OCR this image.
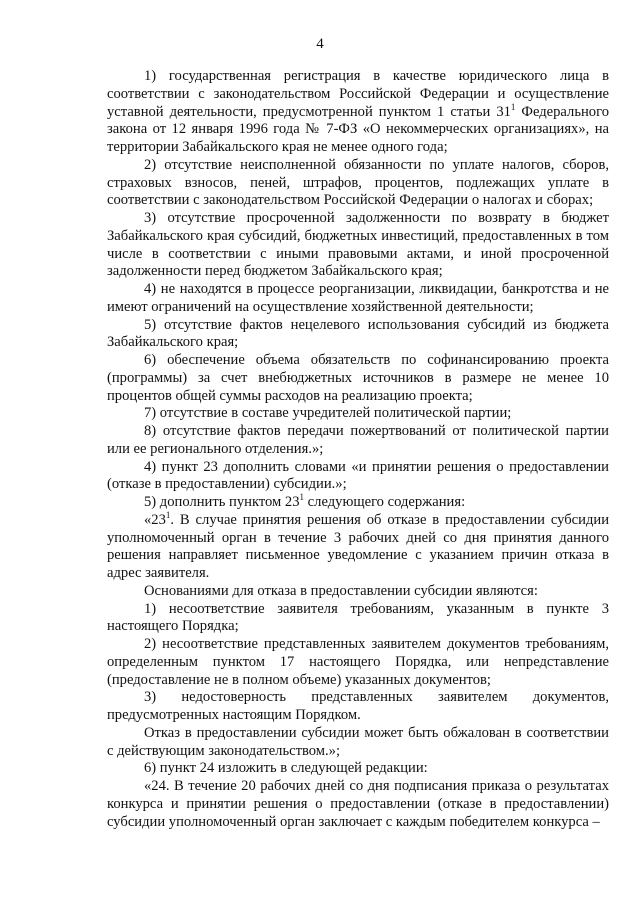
4

1) государственная регистрация в качестве юридического лица в соответствии с законодательством Российской Федерации и осуществление уставной деятельности, предусмотренной пунктом 1 статьи $31^1$ Федерального закона от 12 января 1996 года № 7-ФЗ «О некоммерческих организациях», на территории Забайкальского края не менее одного года;

2) отсутствие неисполненной обязанности по уплате налогов, сборов, страховых взносов, пеней, штрафов, процентов, подлежащих уплате в соответствии с законодательством Российской Федерации о налогах и сборах;

3) отсутствие просроченной задолженности по возврату в бюджет Забайкальского края субсидий, бюджетных инвестиций, предоставленных в том числе в соответствии с иными правовыми актами, и иной просроченной задолженности перед бюджетом Забайкальского края;

4) не находятся в процессе реорганизации, ликвидации, банкротства и не имеют ограничений на осуществление хозяйственной деятельности;

5) отсутствие фактов нецелевого использования субсидий из бюджета Забайкальского края;

6) обеспечение объема обязательств по софинансированию проекта (программы) за счет внебюджетных источников в размере не менее 10 процентов общей суммы расходов на реализацию проекта;

7) отсутствие в составе учредителей политической партии;

8) отсутствие фактов передачи пожертвований от политической партии или ее регионального отделения.»;

4) пункт 23 дополнить словами «и принятии решения о предоставлении (отказе в предоставлении) субсидии.»;

5) дополнить пунктом $23^1$ следующего содержания:

«$23^1$. В случае принятия решения об отказе в предоставлении субсидии уполномоченный орган в течение 3 рабочих дней со дня принятия данного решения направляет письменное уведомление с указанием причин отказа в адрес заявителя.

Основаниями для отказа в предоставлении субсидии являются:

1) несоответствие заявителя требованиям, указанным в пункте 3 настоящего Порядка;

2) несоответствие представленных заявителем документов требованиям, определенным пунктом 17 настоящего Порядка, или непредставление (предоставление не в полном объеме) указанных документов;

3) недостоверность представленных заявителем документов, предусмотренных настоящим Порядком.

Отказ в предоставлении субсидии может быть обжалован в соответствии с действующим законодательством.»;

6) пункт 24 изложить в следующей редакции:

«24. В течение 20 рабочих дней со дня подписания приказа о результатах конкурса и принятии решения о предоставлении (отказе в предоставлении) субсидии уполномоченный орган заключает с каждым победителем конкурса –
